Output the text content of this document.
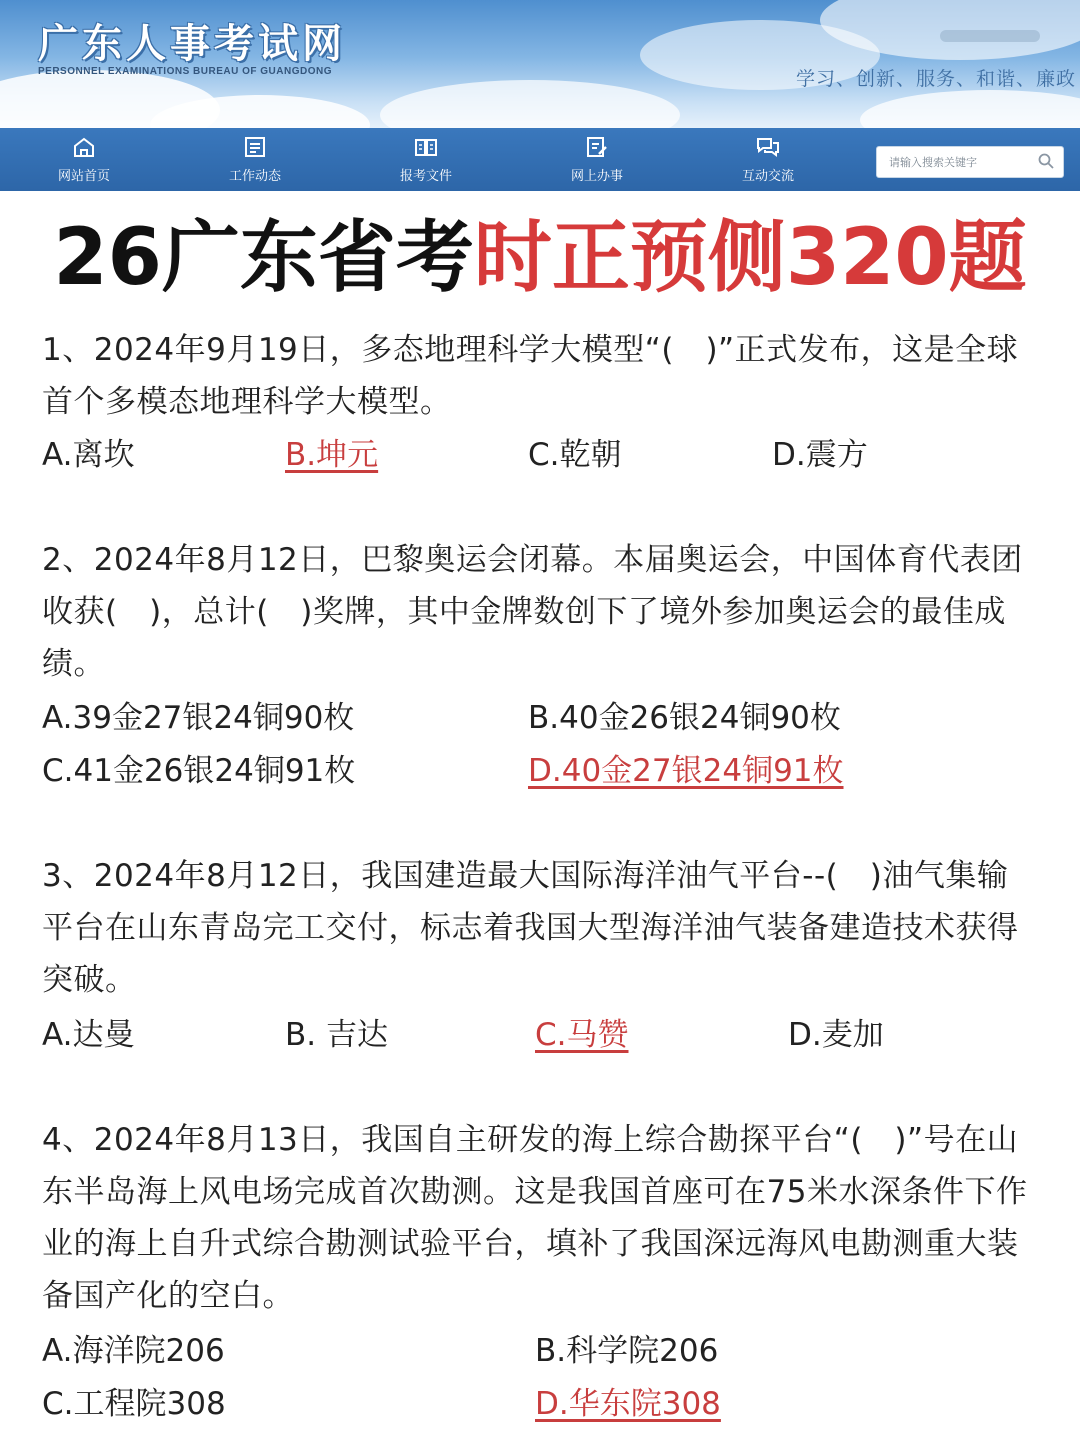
广东人事考试网
PERSONNEL EXAMINATIONS BUREAU OF GUANGDONG	学习、创新、服务、和谐、廉政
网站首页	工作动态	报考文件	网上办事	互动交流
请输入搜索关键字
26广东省考时正预侧320题
1、2024年9月19日，多态地理科学大模型“(　)”正式发布，这是全球首个多模态地理科学大模型。
A.离坎	B.坤元	C.乾朝	D.震方
2、2024年8月12日，巴黎奥运会闭幕。本届奥运会，中国体育代表团收获(　)，总计(　)奖牌，其中金牌数创下了境外参加奥运会的最佳成绩。
A.39金27银24铜90枚	B.40金26银24铜90枚
C.41金26银24铜91枚	D.40金27银24铜91枚
3、2024年8月12日，我国建造最大国际海洋油气平台--(　)油气集输平台在山东青岛完工交付，标志着我国大型海洋油气装备建造技术获得突破。
A.达曼	B. 吉达	C.马赞	D.麦加
4、2024年8月13日，我国自主研发的海上综合勘探平台“(　)”号在山东半岛海上风电场完成首次勘测。这是我国首座可在75米水深条件下作业的海上自升式综合勘测试验平台，填补了我国深远海风电勘测重大装备国产化的空白。
A.海洋院206	B.科学院206
C.工程院308	D.华东院308
